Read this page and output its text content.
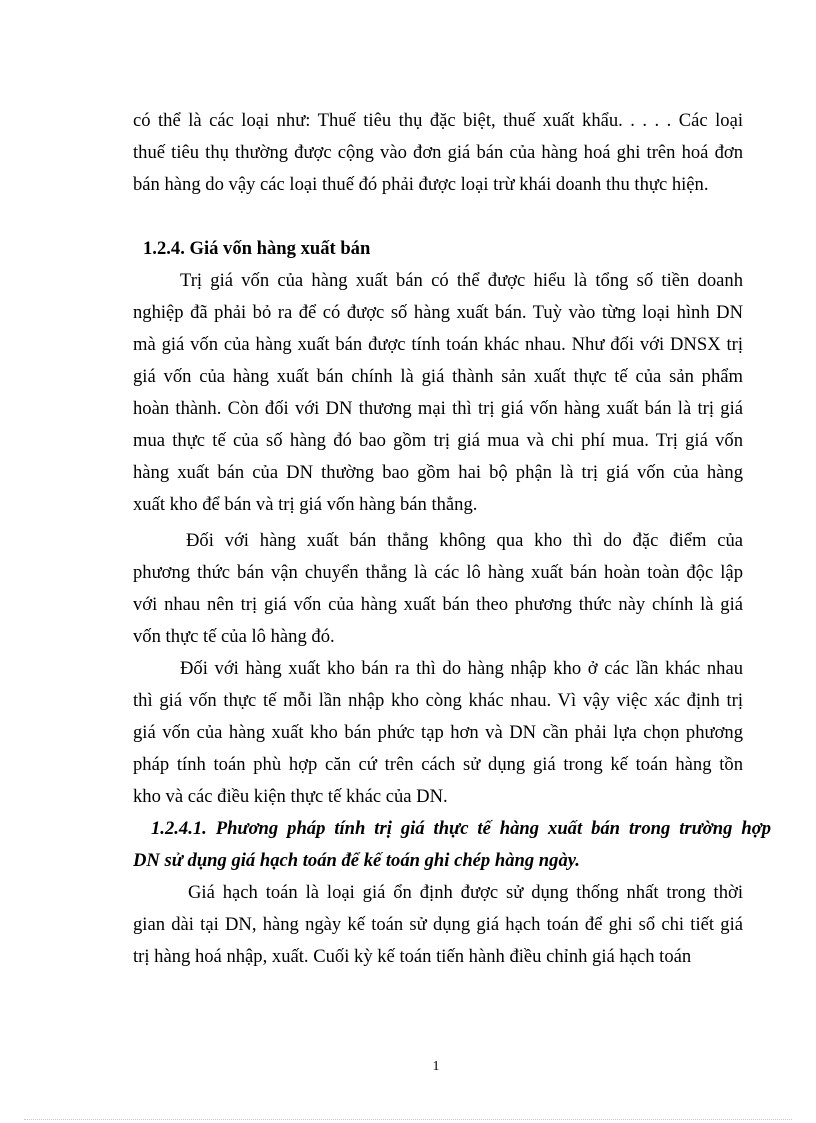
có thể là các loại như: Thuế tiêu thụ đặc biệt, thuế xuất khẩu. . . . . Các loại
thuế tiêu thụ thường được cộng vào đơn giá bán của hàng hoá ghi trên hoá đơn
bán hàng do vậy các loại thuế đó phải được loại trừ khái doanh thu thực hiện.
1.2.4. Giá vốn hàng xuất bán
Trị giá vốn của hàng xuất bán có thể được hiểu là tổng số tiền doanh
nghiệp đã phải bỏ ra để có được số hàng xuất bán. Tuỳ vào từng loại hình DN
mà giá vốn của hàng xuất bán được tính toán khác nhau. Như đối với DNSX trị
giá vốn của hàng xuất bán chính là giá thành sản xuất thực tế của sản phẩm
hoàn thành. Còn đối với DN thương mại thì trị giá vốn hàng xuất bán là trị giá
mua thực tế của số hàng đó bao gồm trị giá mua và chi phí mua. Trị giá vốn
hàng xuất bán của DN thường bao gồm hai bộ phận là trị giá vốn của hàng
xuất kho để bán và trị giá vốn hàng bán thẳng.
Đối với hàng xuất bán thẳng không qua kho thì do đặc điểm của
phương thức bán vận chuyển thẳng là các lô hàng xuất bán hoàn toàn độc lập
với nhau nên trị giá vốn của hàng xuất bán theo phương thức này chính là giá
vốn thực tế của lô hàng đó.
Đối với hàng xuất kho bán ra thì do hàng nhập kho ở các lần khác nhau
thì giá vốn thực tế mỗi lần nhập kho còng khác nhau. Vì vậy việc xác định trị
giá vốn của hàng xuất kho bán phức tạp hơn và DN cần phải lựa chọn phương
pháp tính toán phù hợp căn cứ trên cách sử dụng giá trong kế toán hàng tồn
kho và các điều kiện thực tế khác của DN.
1.2.4.1. Phương pháp tính trị giá thực tế hàng xuất bán trong trường hợp
DN sử dụng giá hạch toán để kế toán ghi chép hàng ngày.
Giá hạch toán là loại giá ổn định được sử dụng thống nhất trong thời
gian dài tại DN, hàng ngày kế toán sử dụng giá hạch toán để ghi sổ chi tiết giá
trị hàng hoá nhập, xuất. Cuối kỳ kế toán tiến hành điều chỉnh giá hạch toán
1
